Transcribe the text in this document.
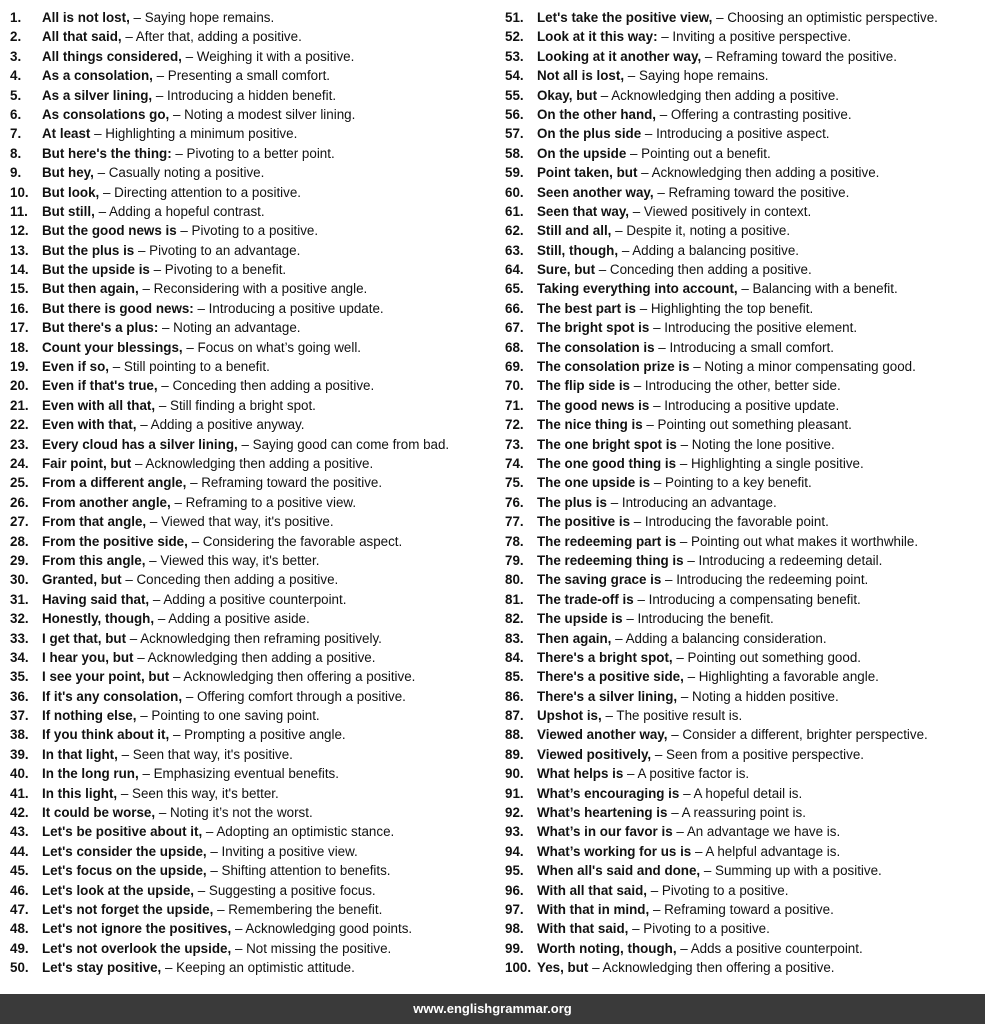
1.	All is not lost,
– Saying hope remains.
2.	All that said,
– After that, adding a positive.
3.	All things considered,
– Weighing it with a positive.
4.	As a consolation,
– Presenting a small comfort.
5.	As a silver lining,
– Introducing a hidden benefit.
6.	As consolations go,
– Noting a modest silver lining.
7.	At least
– Highlighting a minimum positive.
8.	But here's the thing:
– Pivoting to a better point.
9.	But hey,
– Casually noting a positive.
10. But look,
– Directing attention to a positive.
11.	But still,
– Adding a hopeful contrast.
12. But the good news is
– Pivoting to a positive.
13. But the plus is
– Pivoting to an advantage.
14. But the upside is
– Pivoting to a benefit.
15. But then again,
– Reconsidering with a positive angle.
16. But there is good news:
– Introducing a positive update.
17. But there's a plus:
– Noting an advantage.
18. Count your blessings,
– Focus on what’s going well.
19. Even if so,
– Still pointing to a benefit.
20. Even if that's true,
– Conceding then adding a positive.
21. Even with all that,
– Still finding a bright spot.
22. Even with that,
– Adding a positive anyway.
23. Every cloud has a silver lining,
– Saying good can come from bad.
24. Fair point, but
– Acknowledging then adding a positive.
25. From a different angle,
– Reframing toward the positive.
26. From another angle,
– Reframing to a positive view.
27. From that angle,
– Viewed that way, it's positive.
28. From the positive side,
– Considering the favorable aspect.
29. From this angle,
– Viewed this way, it's better.
30. Granted, but
– Conceding then adding a positive.
31. Having said that,
– Adding a positive counterpoint.
32. Honestly, though,
– Adding a positive aside.
33. I get that, but
– Acknowledging then reframing positively.
34. I hear you, but
– Acknowledging then adding a positive.
35. I see your point, but
– Acknowledging then offering a positive.
36. If it's any consolation,
– Offering comfort through a positive.
37. If nothing else,
– Pointing to one saving point.
38. If you think about it,
– Prompting a positive angle.
39. In that light,
– Seen that way, it's positive.
40. In the long run,
– Emphasizing eventual benefits.
41. In this light,
– Seen this way, it's better.
42. It could be worse,
– Noting it’s not the worst.
43. Let's be positive about it,
– Adopting an optimistic stance.
44. Let's consider the upside,
– Inviting a positive view.
45. Let's focus on the upside,
– Shifting attention to benefits.
46. Let's look at the upside,
– Suggesting a positive focus.
47. Let's not forget the upside,
– Remembering the benefit.
48. Let's not ignore the positives,
– Acknowledging good points.
49. Let's not overlook the upside,
– Not missing the positive.
50. Let's stay positive,
– Keeping an optimistic attitude.
51. Let's take the positive view,
– Choosing an optimistic perspective.
52. Look at it this way:
– Inviting a positive perspective.
53. Looking at it another way,
– Reframing toward the positive.
54. Not all is lost,
– Saying hope remains.
55. Okay, but
– Acknowledging then adding a positive.
56. On the other hand,
– Offering a contrasting positive.
57. On the plus side
– Introducing a positive aspect.
58. On the upside
– Pointing out a benefit.
59. Point taken, but
– Acknowledging then adding a positive.
60. Seen another way,
– Reframing toward the positive.
61. Seen that way,
– Viewed positively in context.
62. Still and all,
– Despite it, noting a positive.
63. Still, though,
– Adding a balancing positive.
64. Sure, but
– Conceding then adding a positive.
65. Taking everything into account,
– Balancing with a benefit.
66. The best part is
– Highlighting the top benefit.
67. The bright spot is
– Introducing the positive element.
68. The consolation is
– Introducing a small comfort.
69. The consolation prize is
– Noting a minor compensating good.
70. The flip side is
– Introducing the other, better side.
71. The good news is
– Introducing a positive update.
72. The nice thing is
– Pointing out something pleasant.
73. The one bright spot is
– Noting the lone positive.
74. The one good thing is
– Highlighting a single positive.
75. The one upside is
– Pointing to a key benefit.
76. The plus is
– Introducing an advantage.
77. The positive is
– Introducing the favorable point.
78. The redeeming part is
– Pointing out what makes it worthwhile.
79. The redeeming thing is
– Introducing a redeeming detail.
80. The saving grace is
– Introducing the redeeming point.
81. The trade-off is
– Introducing a compensating benefit.
82. The upside is
– Introducing the benefit.
83. Then again,
– Adding a balancing consideration.
84. There's a bright spot,
– Pointing out something good.
85. There's a positive side,
– Highlighting a favorable angle.
86. There's a silver lining,
– Noting a hidden positive.
87. Upshot is,
– The positive result is.
88. Viewed another way,
– Consider a different, brighter perspective.
89. Viewed positively,
– Seen from a positive perspective.
90. What helps is
– A positive factor is.
91. What’s encouraging is
– A hopeful detail is.
92. What’s heartening is
– A reassuring point is.
93. What’s in our favor is
– An advantage we have is.
94. What’s working for us is
– A helpful advantage is.
95. When all's said and done,
– Summing up with a positive.
96. With all that said,
– Pivoting to a positive.
97. With that in mind,
– Reframing toward a positive.
98. With that said,
– Pivoting to a positive.
99. Worth noting, though,
– Adds a positive counterpoint.
100. Yes, but
– Acknowledging then offering a positive.
www.englishgrammar.org
